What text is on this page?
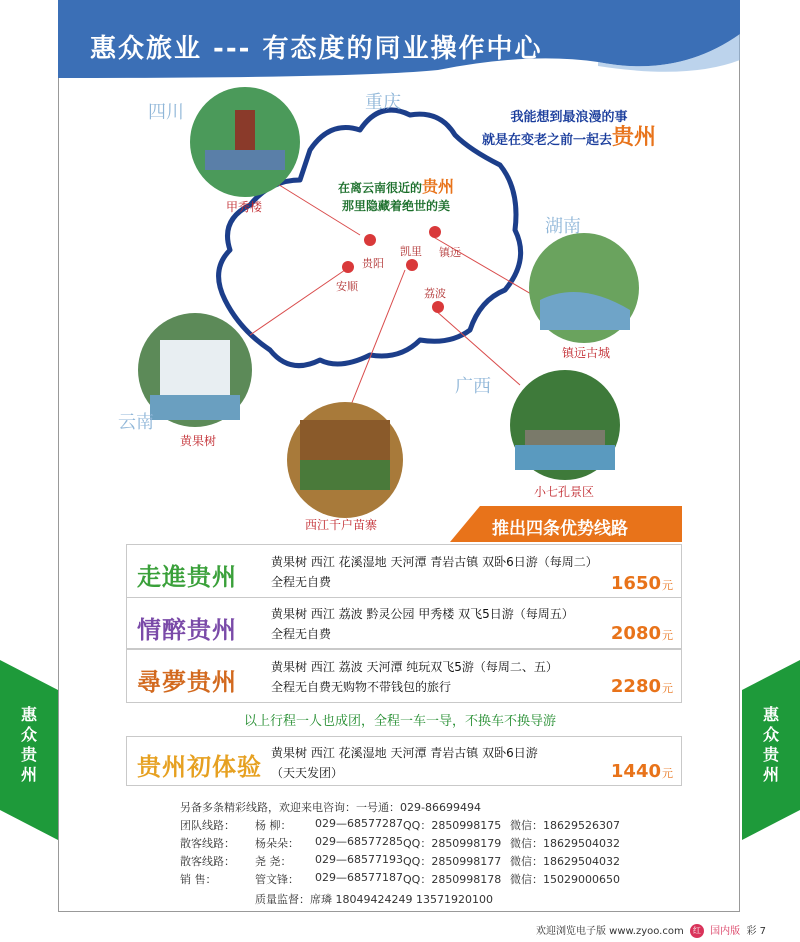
惠众旅业 --- 有态度的同业操作中心
惠众贵州
惠众贵州
四川	重庆
湖南
广西
云南
贵阳
凯里 镇远
安顺
荔波
甲秀楼
镇远古城
黄果树
西江千户苗寨
小七孔景区
我能想到最浪漫的事
就是在变老之前一起去贵州
在离云南很近的贵州
那里隐藏着绝世的美
推出四条优势线路
走進贵州
黄果树 西江 花溪湿地 天河潭 青岩古镇 双卧6日游（每周二）
全程无自费	1650元
情醉贵州
黄果树 西江 荔波 黔灵公园 甲秀楼 双飞5日游（每周五）
全程无自费	2080元
尋夢贵州
黄果树 西江 荔波 天河潭 纯玩双飞5游（每周二、五）
全程无自费无购物不带钱包的旅行	2280元
以上行程一人也成团，全程一车一导，不换车不换导游
贵州初体验 黄果树 西江 花溪湿地 天河潭 青岩古镇 双卧6日游
（天天发团）	1440元
另备多条精彩线路，欢迎来电咨询：一号通：029-86699494
团队线路： 杨 柳： 029—68577287 QQ：2850998175 微信：18629526307
散客线路： 杨朵朵： 029—68577285 QQ：2850998179 微信：18629504032
散客线路： 尧 尧： 029—68577193 QQ：2850998177 微信：18629504032
销 售：	管文锋： 029—68577187 QQ：2850998178 微信：15029000650
质量监督：席璘 18049424249 13571920100
欢迎浏览电子版 www.zyoo.com 红 国内版 彩 7
